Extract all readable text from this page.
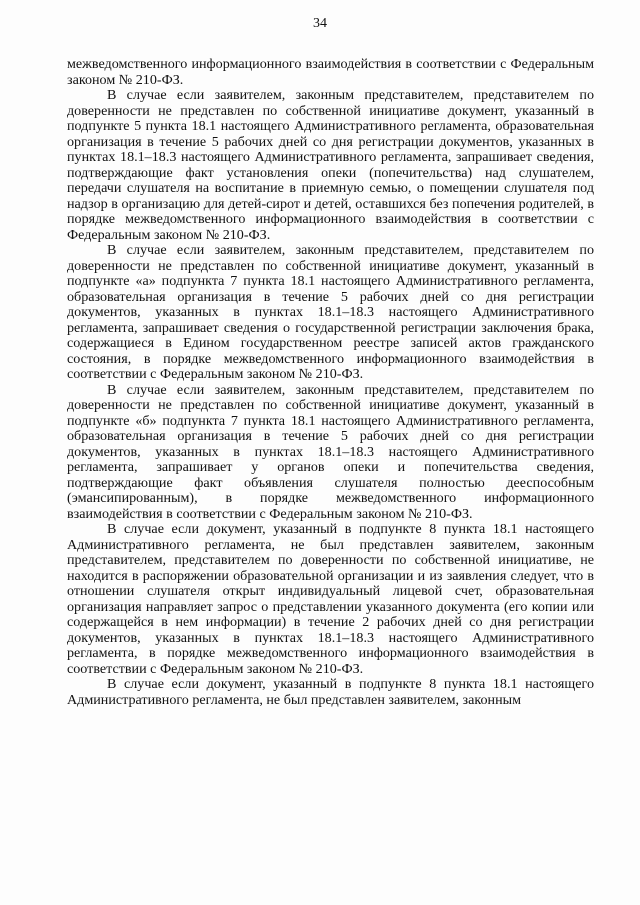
34

межведомственного информационного взаимодействия в соответствии с Федеральным законом № 210-ФЗ.

В случае если заявителем, законным представителем, представителем по доверенности не представлен по собственной инициативе документ, указанный в подпункте 5 пункта 18.1 настоящего Административного регламента, образовательная организация в течение 5 рабочих дней со дня регистрации документов, указанных в пунктах 18.1–18.3 настоящего Административного регламента, запрашивает сведения, подтверждающие факт установления опеки (попечительства) над слушателем, передачи слушателя на воспитание в приемную семью, о помещении слушателя под надзор в организацию для детей-сирот и детей, оставшихся без попечения родителей, в порядке межведомственного информационного взаимодействия в соответствии с Федеральным законом № 210-ФЗ.

В случае если заявителем, законным представителем, представителем по доверенности не представлен по собственной инициативе документ, указанный в подпункте «а» подпункта 7 пункта 18.1 настоящего Административного регламента, образовательная организация в течение 5 рабочих дней со дня регистрации документов, указанных в пунктах 18.1–18.3 настоящего Административного регламента, запрашивает сведения о государственной регистрации заключения брака, содержащиеся в Едином государственном реестре записей актов гражданского состояния, в порядке межведомственного информационного взаимодействия в соответствии с Федеральным законом № 210-ФЗ.

В случае если заявителем, законным представителем, представителем по доверенности не представлен по собственной инициативе документ, указанный в подпункте «б» подпункта 7 пункта 18.1 настоящего Административного регламента, образовательная организация в течение 5 рабочих дней со дня регистрации документов, указанных в пунктах 18.1–18.3 настоящего Административного регламента, запрашивает у органов опеки и попечительства сведения, подтверждающие факт объявления слушателя полностью дееспособным (эмансипированным), в порядке межведомственного информационного взаимодействия в соответствии с Федеральным законом № 210-ФЗ.

В случае если документ, указанный в подпункте 8 пункта 18.1 настоящего Административного регламента, не был представлен заявителем, законным представителем, представителем по доверенности по собственной инициативе, не находится в распоряжении образовательной организации и из заявления следует, что в отношении слушателя открыт индивидуальный лицевой счет, образовательная организация направляет запрос о представлении указанного документа (его копии или содержащейся в нем информации) в течение 2 рабочих дней со дня регистрации документов, указанных в пунктах 18.1–18.3 настоящего Административного регламента, в порядке межведомственного информационного взаимодействия в соответствии с Федеральным законом № 210-ФЗ.

В случае если документ, указанный в подпункте 8 пункта 18.1 настоящего Административного регламента, не был представлен заявителем, законным
